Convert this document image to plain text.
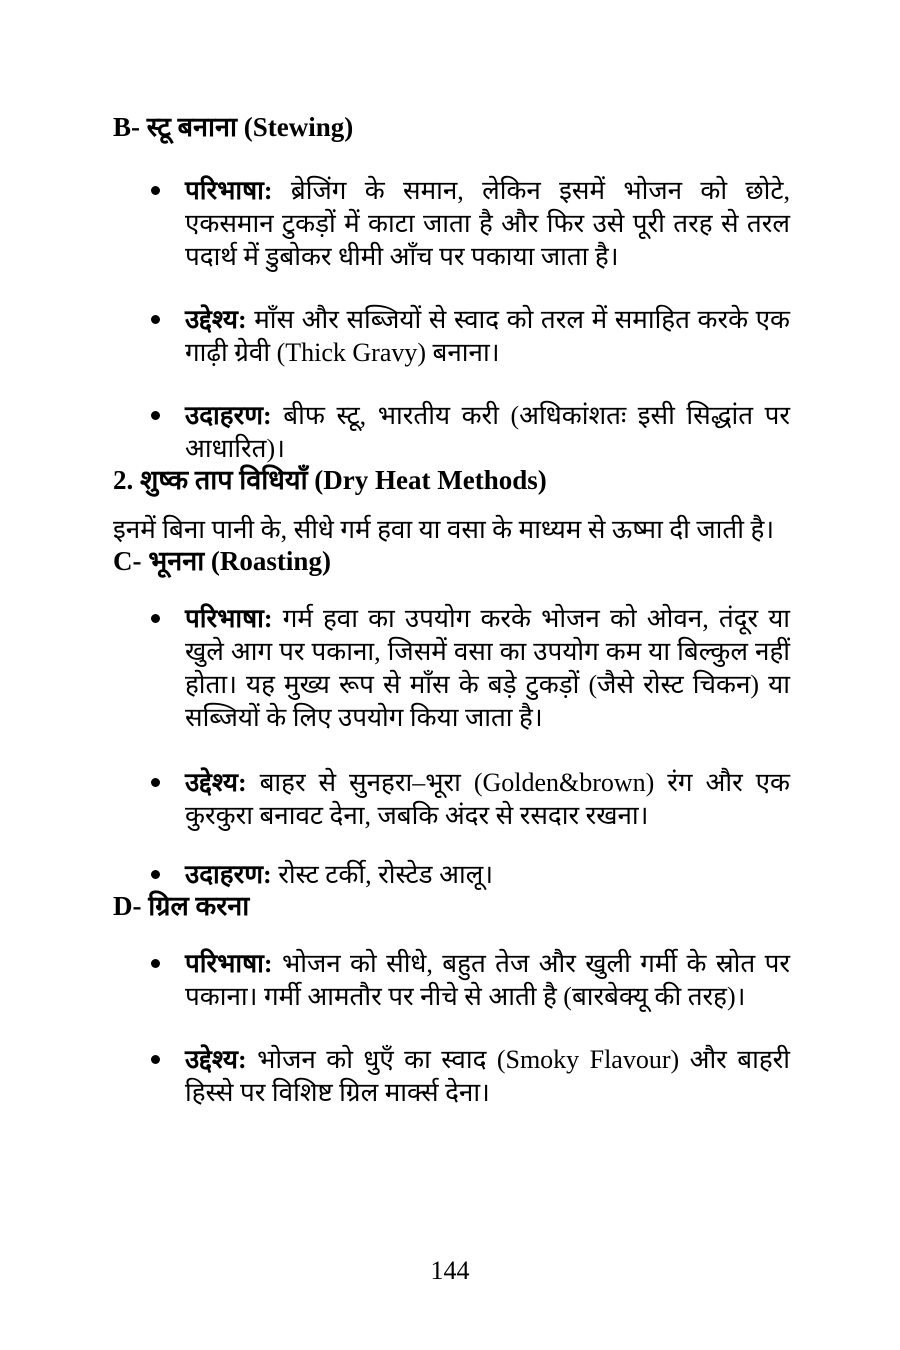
B- स्टू बनाना (Stewing)
परिभाषा: ब्रेजिंग के समान, लेकिन इसमें भोजन को छोटे, एकसमान टुकड़ों में काटा जाता है और फिर उसे पूरी तरह से तरल पदार्थ में डुबोकर धीमी आँच पर पकाया जाता है।
उद्देश्य: माँस और सब्जियों से स्वाद को तरल में समाहित करके एक गाढ़ी ग्रेवी (Thick Gravy) बनाना।
उदाहरण: बीफ स्टू, भारतीय करी (अधिकांशतः इसी सिद्धांत पर आधारित)।
2. शुष्क ताप विधियाँ (Dry Heat Methods)

इनमें बिना पानी के, सीधे गर्म हवा या वसा के माध्यम से ऊष्मा दी जाती है।

C- भूनना (Roasting)
परिभाषा: गर्म हवा का उपयोग करके भोजन को ओवन, तंदूर या खुले आग पर पकाना, जिसमें वसा का उपयोग कम या बिल्कुल नहीं होता। यह मुख्य रूप से माँस के बड़े टुकड़ों (जैसे रोस्ट चिकन) या सब्जियों के लिए उपयोग किया जाता है।
उद्देश्य: बाहर से सुनहरा–भूरा (Golden&brown) रंग और एक कुरकुरा बनावट देना, जबकि अंदर से रसदार रखना।
उदाहरण: रोस्ट टर्की, रोस्टेड आलू।
D- ग्रिल करना
परिभाषा: भोजन को सीधे, बहुत तेज और खुली गर्मी के स्रोत पर पकाना। गर्मी आमतौर पर नीचे से आती है (बारबेक्यू की तरह)।
उद्देश्य: भोजन को धुएँ का स्वाद (Smoky Flavour) और बाहरी हिस्से पर विशिष्ट ग्रिल मार्क्स देना।
144
